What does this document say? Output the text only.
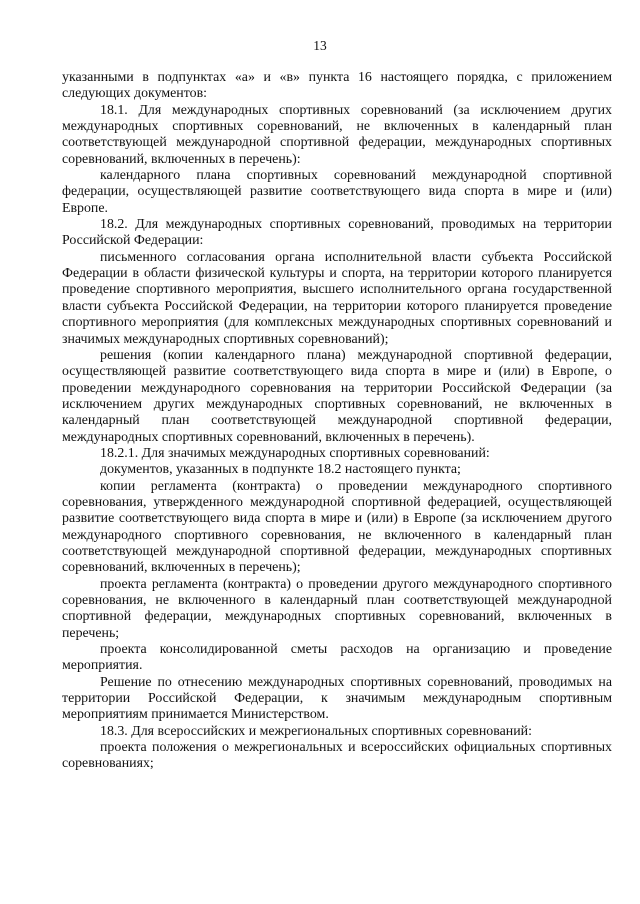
13

указанными в подпунктах «а» и «в» пункта 16 настоящего порядка, с приложением следующих документов:

18.1. Для международных спортивных соревнований (за исключением других международных спортивных соревнований, не включенных в календарный план соответствующей международной спортивной федерации, международных спортивных соревнований, включенных в перечень):

календарного плана спортивных соревнований международной спортивной федерации, осуществляющей развитие соответствующего вида спорта в мире и (или) Европе.

18.2. Для международных спортивных соревнований, проводимых на территории Российской Федерации:

письменного согласования органа исполнительной власти субъекта Российской Федерации в области физической культуры и спорта, на территории которого планируется проведение спортивного мероприятия, высшего исполнительного органа государственной власти субъекта Российской Федерации, на территории которого планируется проведение спортивного мероприятия (для комплексных международных спортивных соревнований и значимых международных спортивных соревнований);

решения (копии календарного плана) международной спортивной федерации, осуществляющей развитие соответствующего вида спорта в мире и (или) в Европе, о проведении международного соревнования на территории Российской Федерации (за исключением других международных спортивных соревнований, не включенных в календарный план соответствующей международной спортивной федерации, международных спортивных соревнований, включенных в перечень).

18.2.1. Для значимых международных спортивных соревнований:

документов, указанных в подпункте 18.2 настоящего пункта;

копии регламента (контракта) о проведении международного спортивного соревнования, утвержденного международной спортивной федерацией, осуществляющей развитие соответствующего вида спорта в мире и (или) в Европе (за исключением другого международного спортивного соревнования, не включенного в календарный план соответствующей международной спортивной федерации, международных спортивных соревнований, включенных в перечень);

проекта регламента (контракта) о проведении другого международного спортивного соревнования, не включенного в календарный план соответствующей международной спортивной федерации, международных спортивных соревнований, включенных в перечень;

проекта консолидированной сметы расходов на организацию и проведение мероприятия.

Решение по отнесению международных спортивных соревнований, проводимых на территории Российской Федерации, к значимым международным спортивным мероприятиям принимается Министерством.

18.3. Для всероссийских и межрегиональных спортивных соревнований:

проекта положения о межрегиональных и всероссийских официальных спортивных соревнованиях;
